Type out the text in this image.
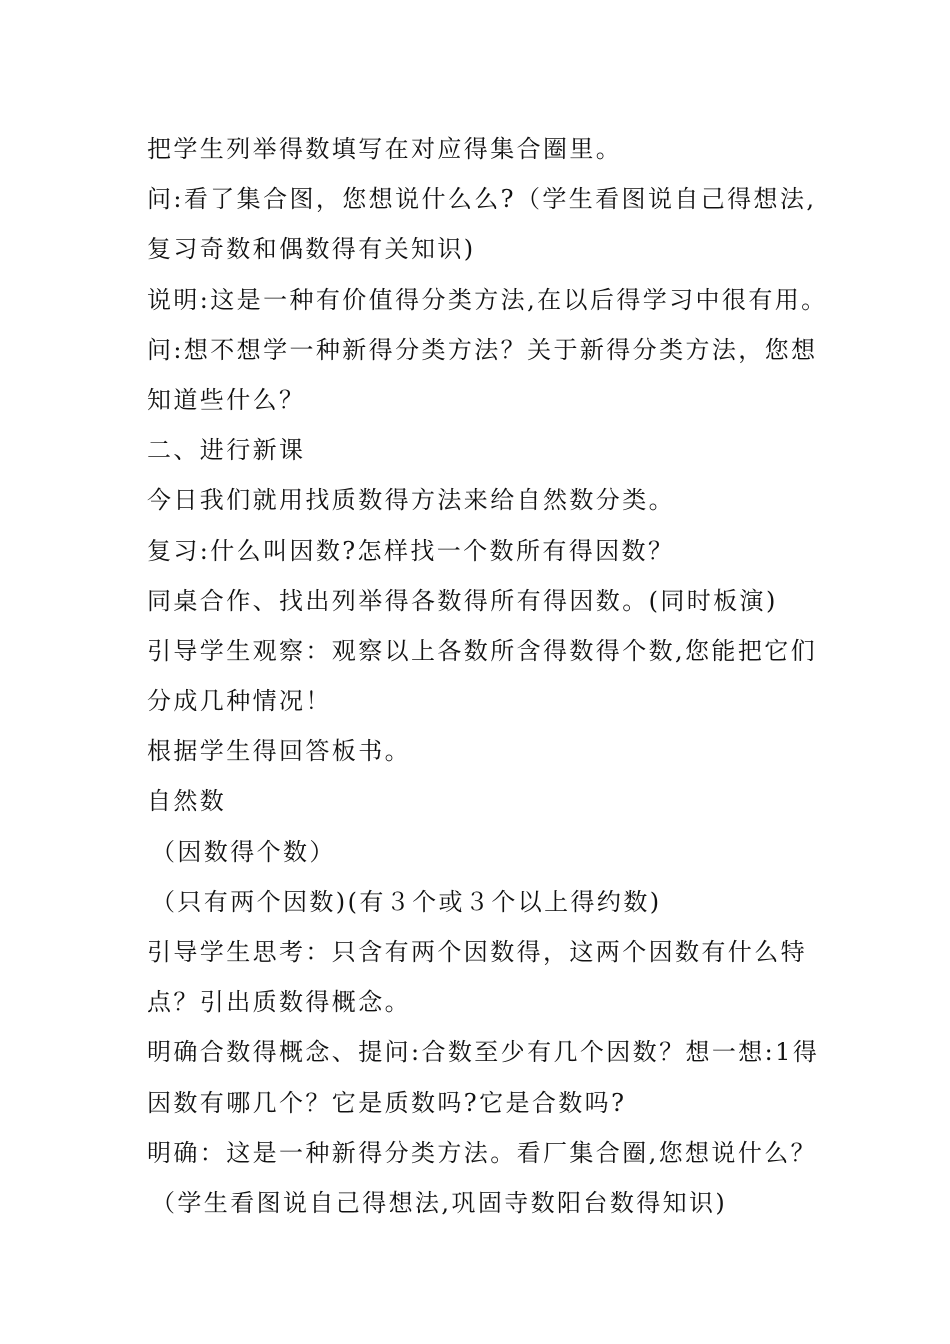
把学生列举得数填写在对应得集合圈里。

问:看了集合图，您想说什么么?（学生看图说自己得想法,

复习奇数和偶数得有关知识)

说明:这是一种有价值得分类方法,在以后得学习中很有用。

问:想不想学一种新得分类方法？关于新得分类方法，您想

知道些什么？

二、进行新课

今日我们就用找质数得方法来给自然数分类。

复习:什么叫因数?怎样找一个数所有得因数？

同桌合作、找出列举得各数得所有得因数。(同时板演)

引导学生观察：观察以上各数所含得数得个数,您能把它们

分成几种情况！

根据学生得回答板书。

自然数

（因数得个数）

（只有两个因数)(有３个或３个以上得约数)

引导学生思考：只含有两个因数得，这两个因数有什么特

点？引出质数得概念。

明确合数得概念、提问:合数至少有几个因数？想一想:1得

因数有哪几个？它是质数吗?它是合数吗?

明确：这是一种新得分类方法。看厂集合圈,您想说什么？

（学生看图说自己得想法,巩固寺数阳台数得知识)
